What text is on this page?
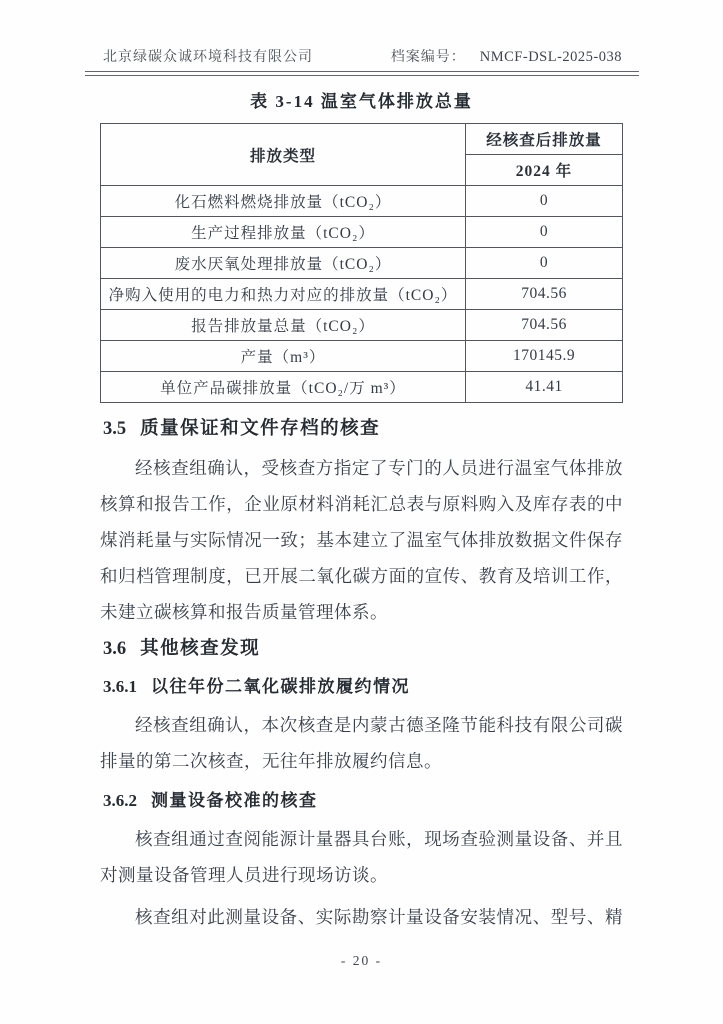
北京绿碳众诚环境科技有限公司	档案编号： NMCF-DSL-2025-038
表 3-14 温室气体排放总量
排放类型	经核查后排放量
	2024 年
化石燃料燃烧排放量（tCO₂）	0
生产过程排放量（tCO₂）	0
废水厌氧处理排放量（tCO₂）	0
净购入使用的电力和热力对应的排放量（tCO₂）	704.56
报告排放量总量（tCO₂）	704.56
产量（m³）	170145.9
单位产品碳排放量（tCO₂/万 m³）	41.41
3.5 质量保证和文件存档的核查
经核查组确认，受核查方指定了专门的人员进行温室气体排放
核算和报告工作，企业原材料消耗汇总表与原料购入及库存表的中
煤消耗量与实际情况一致；基本建立了温室气体排放数据文件保存
和归档管理制度，已开展二氧化碳方面的宣传、教育及培训工作，
未建立碳核算和报告质量管理体系。
3.6 其他核查发现
3.6.1 以往年份二氧化碳排放履约情况
经核查组确认，本次核查是内蒙古德圣隆节能科技有限公司碳
排量的第二次核查，无往年排放履约信息。
3.6.2 测量设备校准的核查
核查组通过查阅能源计量器具台账，现场查验测量设备、并且
对测量设备管理人员进行现场访谈。
核查组对此测量设备、实际勘察计量设备安装情况、型号、精
- 20 -
